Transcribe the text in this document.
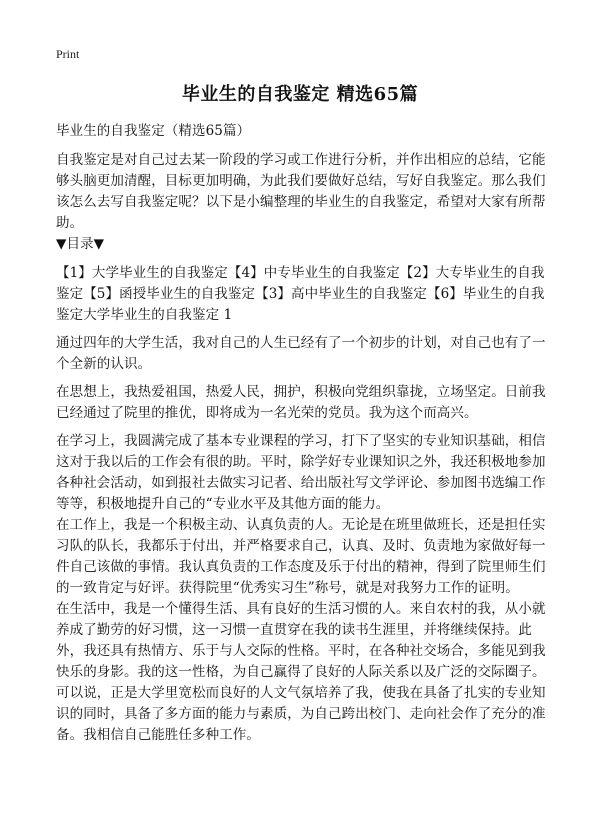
Print
毕业生的自我鉴定 精选65篇
毕业生的自我鉴定（精选65篇）
自我鉴定是对自己过去某一阶段的学习或工作进行分析，并作出相应的总结，它能够头脑更加清醒，目标更加明确，为此我们要做好总结，写好自我鉴定。那么我们该怎么去写自我鉴定呢？以下是小编整理的毕业生的自我鉴定，希望对大家有所帮助。
▼目录▼
【1】大学毕业生的自我鉴定【4】中专毕业生的自我鉴定【2】大专毕业生的自我鉴定【5】函授毕业生的自我鉴定【3】高中毕业生的自我鉴定【6】毕业生的自我鉴定大学毕业生的自我鉴定 1
通过四年的大学生活，我对自己的人生已经有了一个初步的计划，对自己也有了一个全新的认识。
在思想上，我热爱祖国，热爱人民，拥护，积极向党组织靠拢，立场坚定。日前我已经通过了院里的推优，即将成为一名光荣的党员。我为这个而高兴。
在学习上，我圆满完成了基本专业课程的学习，打下了坚实的专业知识基础，相信这对于我以后的工作会有很的助。平时，除学好专业课知识之外，我还积极地参加各种社会活动，如到报社去做实习记者、给出版社写文学评论、参加图书选编工作等等，积极地提升自己的“专业水平及其他方面的能力。
在工作上，我是一个积极主动、认真负责的人。无论是在班里做班长，还是担任实习队的队长，我都乐于付出，并严格要求自己，认真、及时、负责地为家做好每一件自己该做的事情。我认真负责的工作态度及乐于付出的精神，得到了院里师生们的一致肯定与好评。获得院里“优秀实习生”称号，就是对我努力工作的证明。
在生活中，我是一个懂得生活、具有良好的生活习惯的人。来自农村的我，从小就养成了勤劳的好习惯，这一习惯一直贯穿在我的读书生涯里，并将继续保持。此外，我还具有热情方、乐于与人交际的性格。平时，在各种社交场合，多能见到我快乐的身影。我的这一性格，为自己赢得了良好的人际关系以及广泛的交际圈子。
可以说，正是大学里宽松而良好的人文气氛培养了我，使我在具备了扎实的专业知识的同时，具备了多方面的能力与素质，为自己跨出校门、走向社会作了充分的准备。我相信自己能胜任多种工作。
